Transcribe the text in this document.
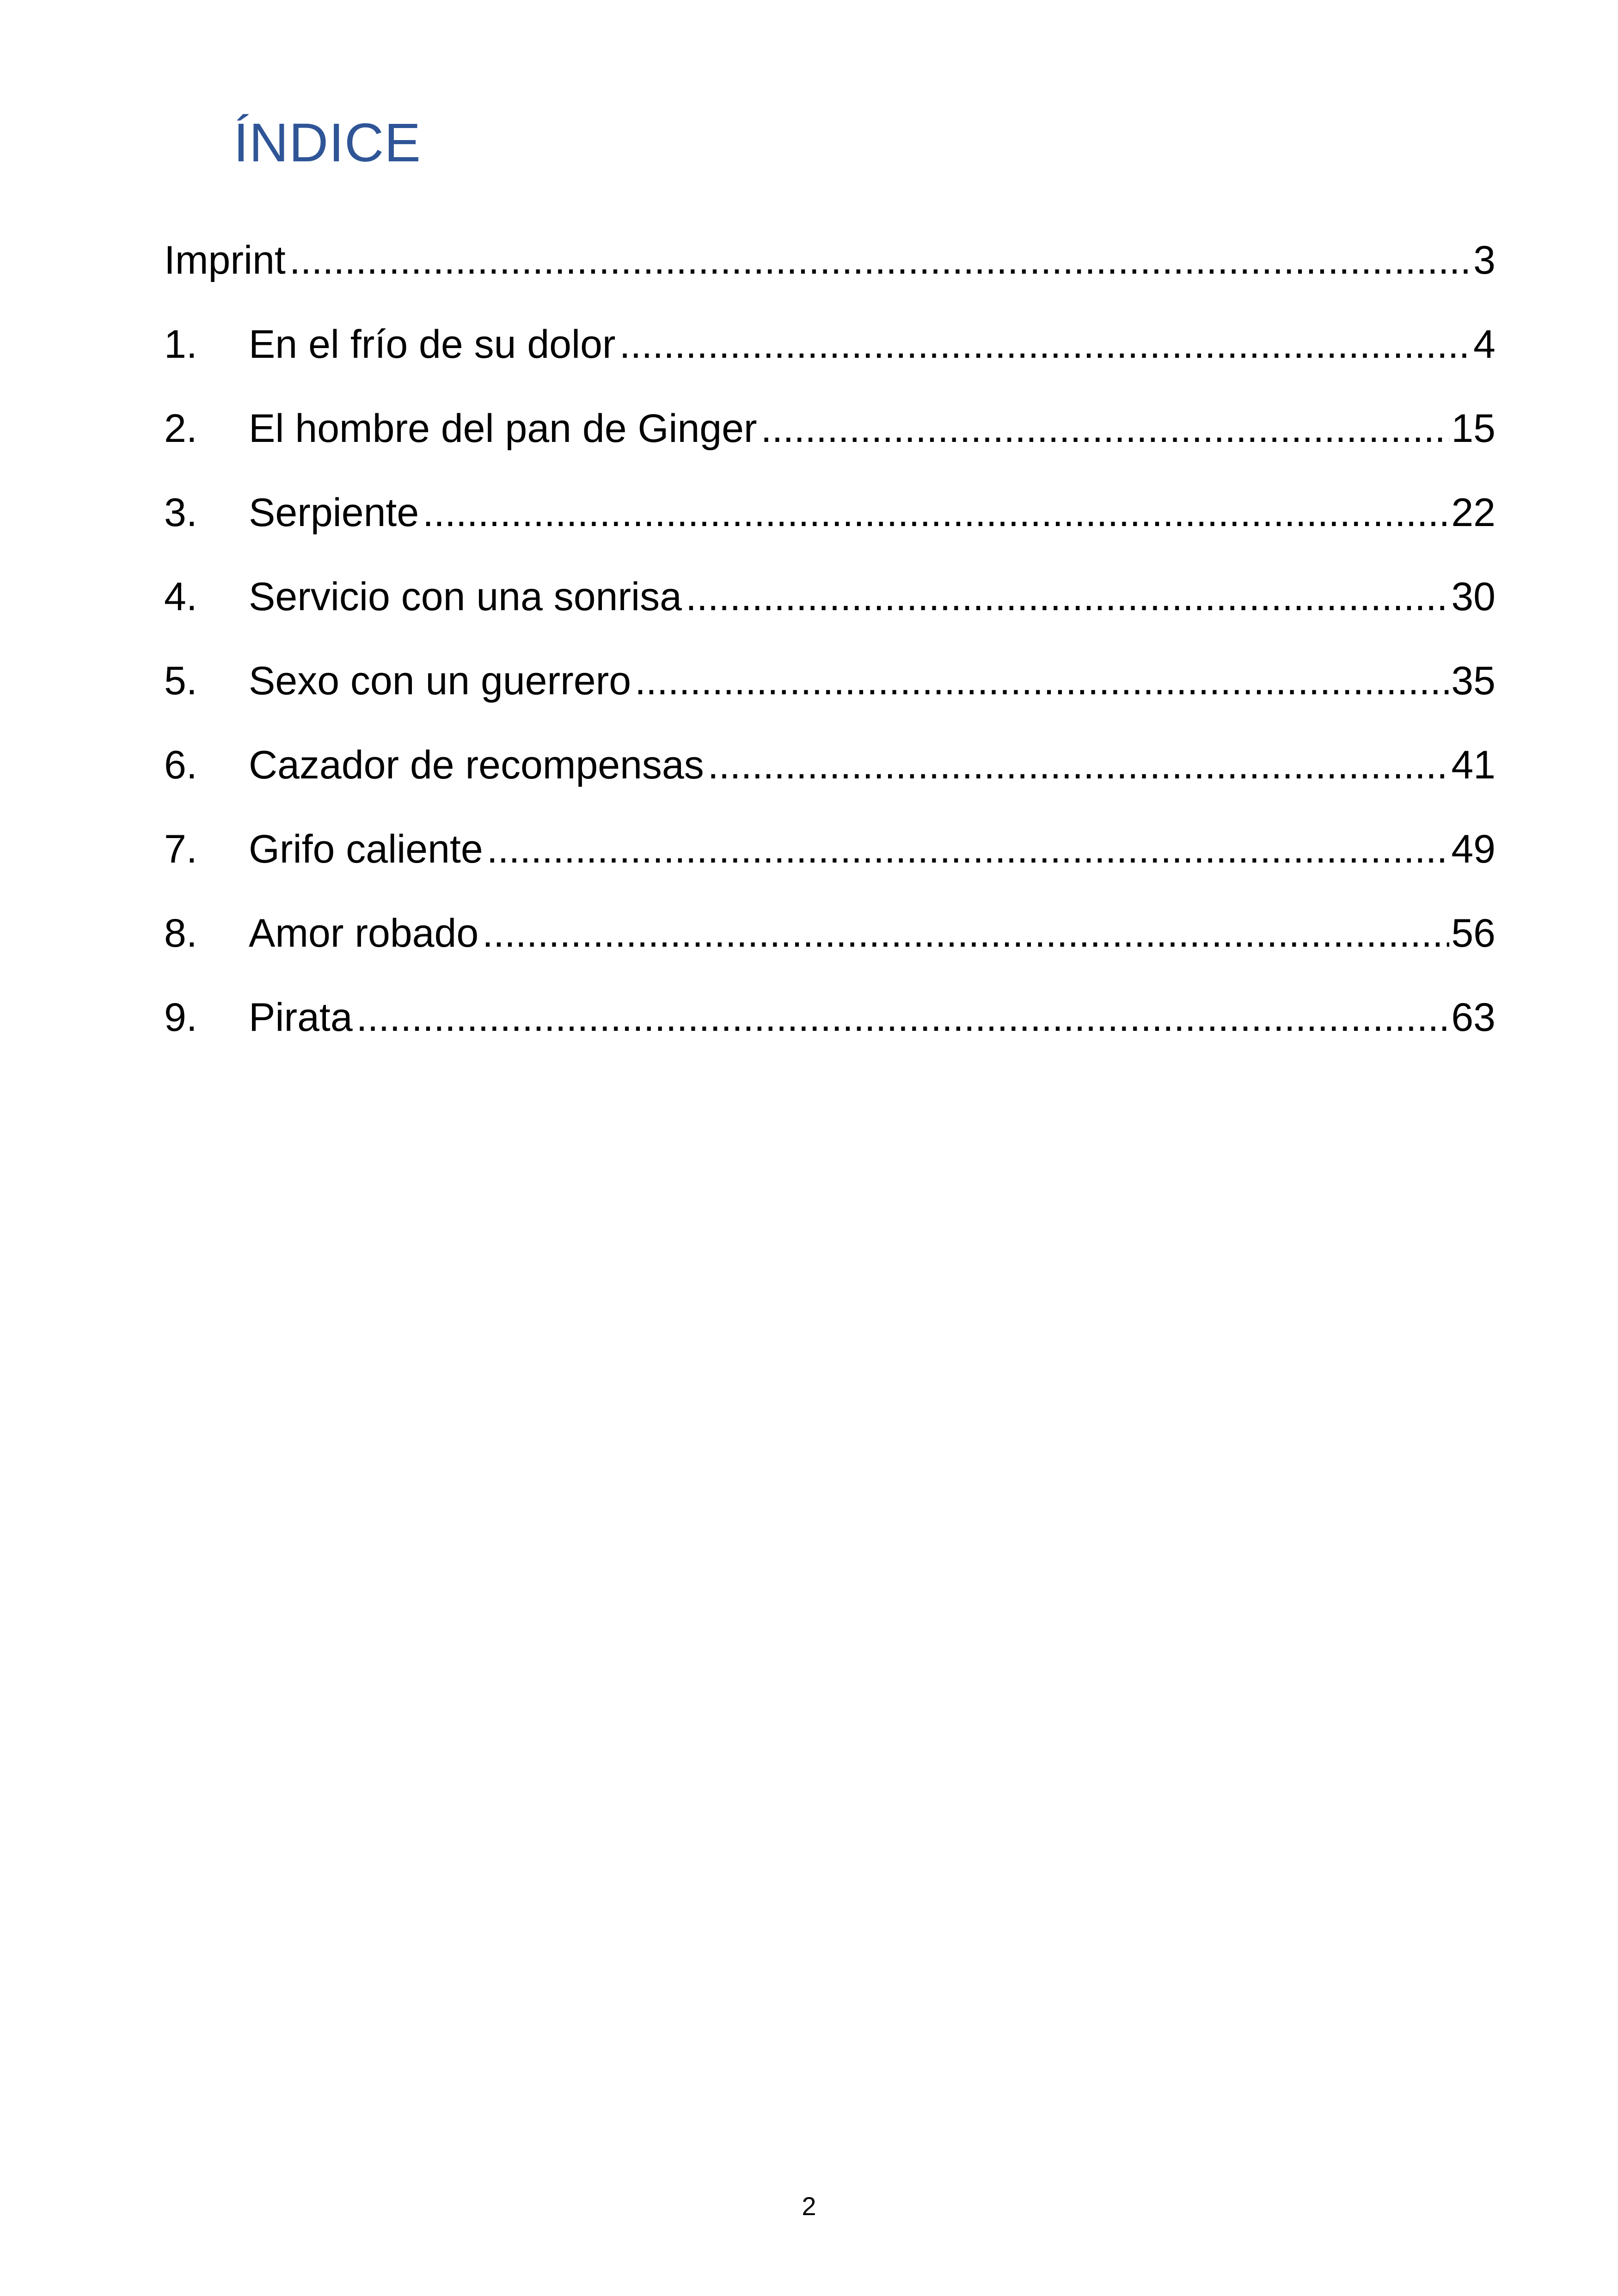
ÍNDICE
Imprint .....	3
1.	En el frío de su dolor .....	4
2.	El hombre del pan de Ginger .....	15
3.	Serpiente .....	22
4.	Servicio con una sonrisa .....	30
5.	Sexo con un guerrero .....	35
6.	Cazador de recompensas .....	41
7.	Grifo caliente .....	49
8.	Amor robado .....	56
9.	Pirata .....	63
2
